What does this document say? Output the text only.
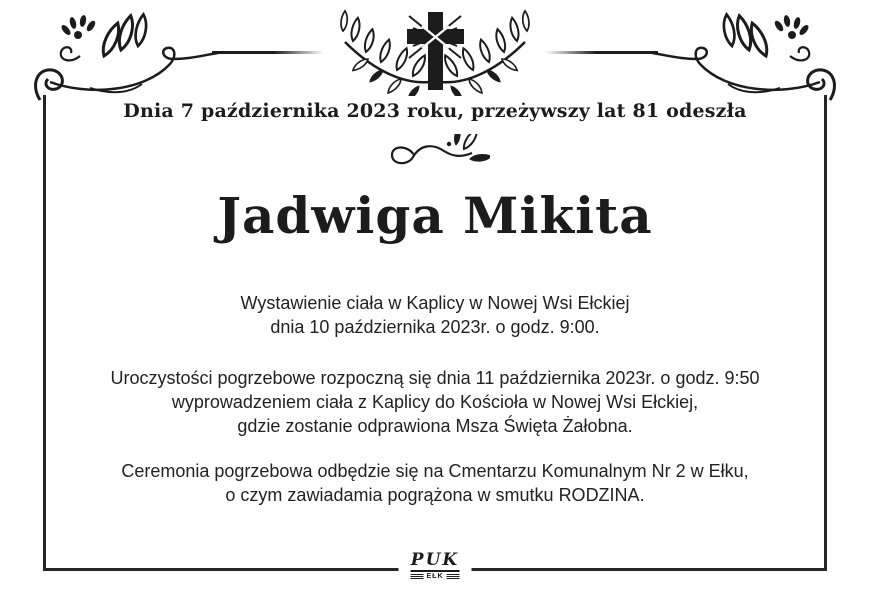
Dnia 7 października 2023 roku, przeżywszy lat 81 odeszła
Jadwiga Mikita
Wystawienie ciała w Kaplicy w Nowej Wsi Ełckiej
dnia 10 października 2023r. o godz. 9:00.
Uroczystości pogrzebowe rozpoczną się dnia 11 października 2023r. o godz. 9:50
wyprowadzeniem ciała z Kaplicy do Kościoła w Nowej Wsi Ełckiej,
gdzie zostanie odprawiona Msza Święta Żałobna.
Ceremonia pogrzebowa odbędzie się na Cmentarzu Komunalnym Nr 2 w Ełku,
o czym zawiadamia pogrążona w smutku RODZINA.
PUK
EŁK
